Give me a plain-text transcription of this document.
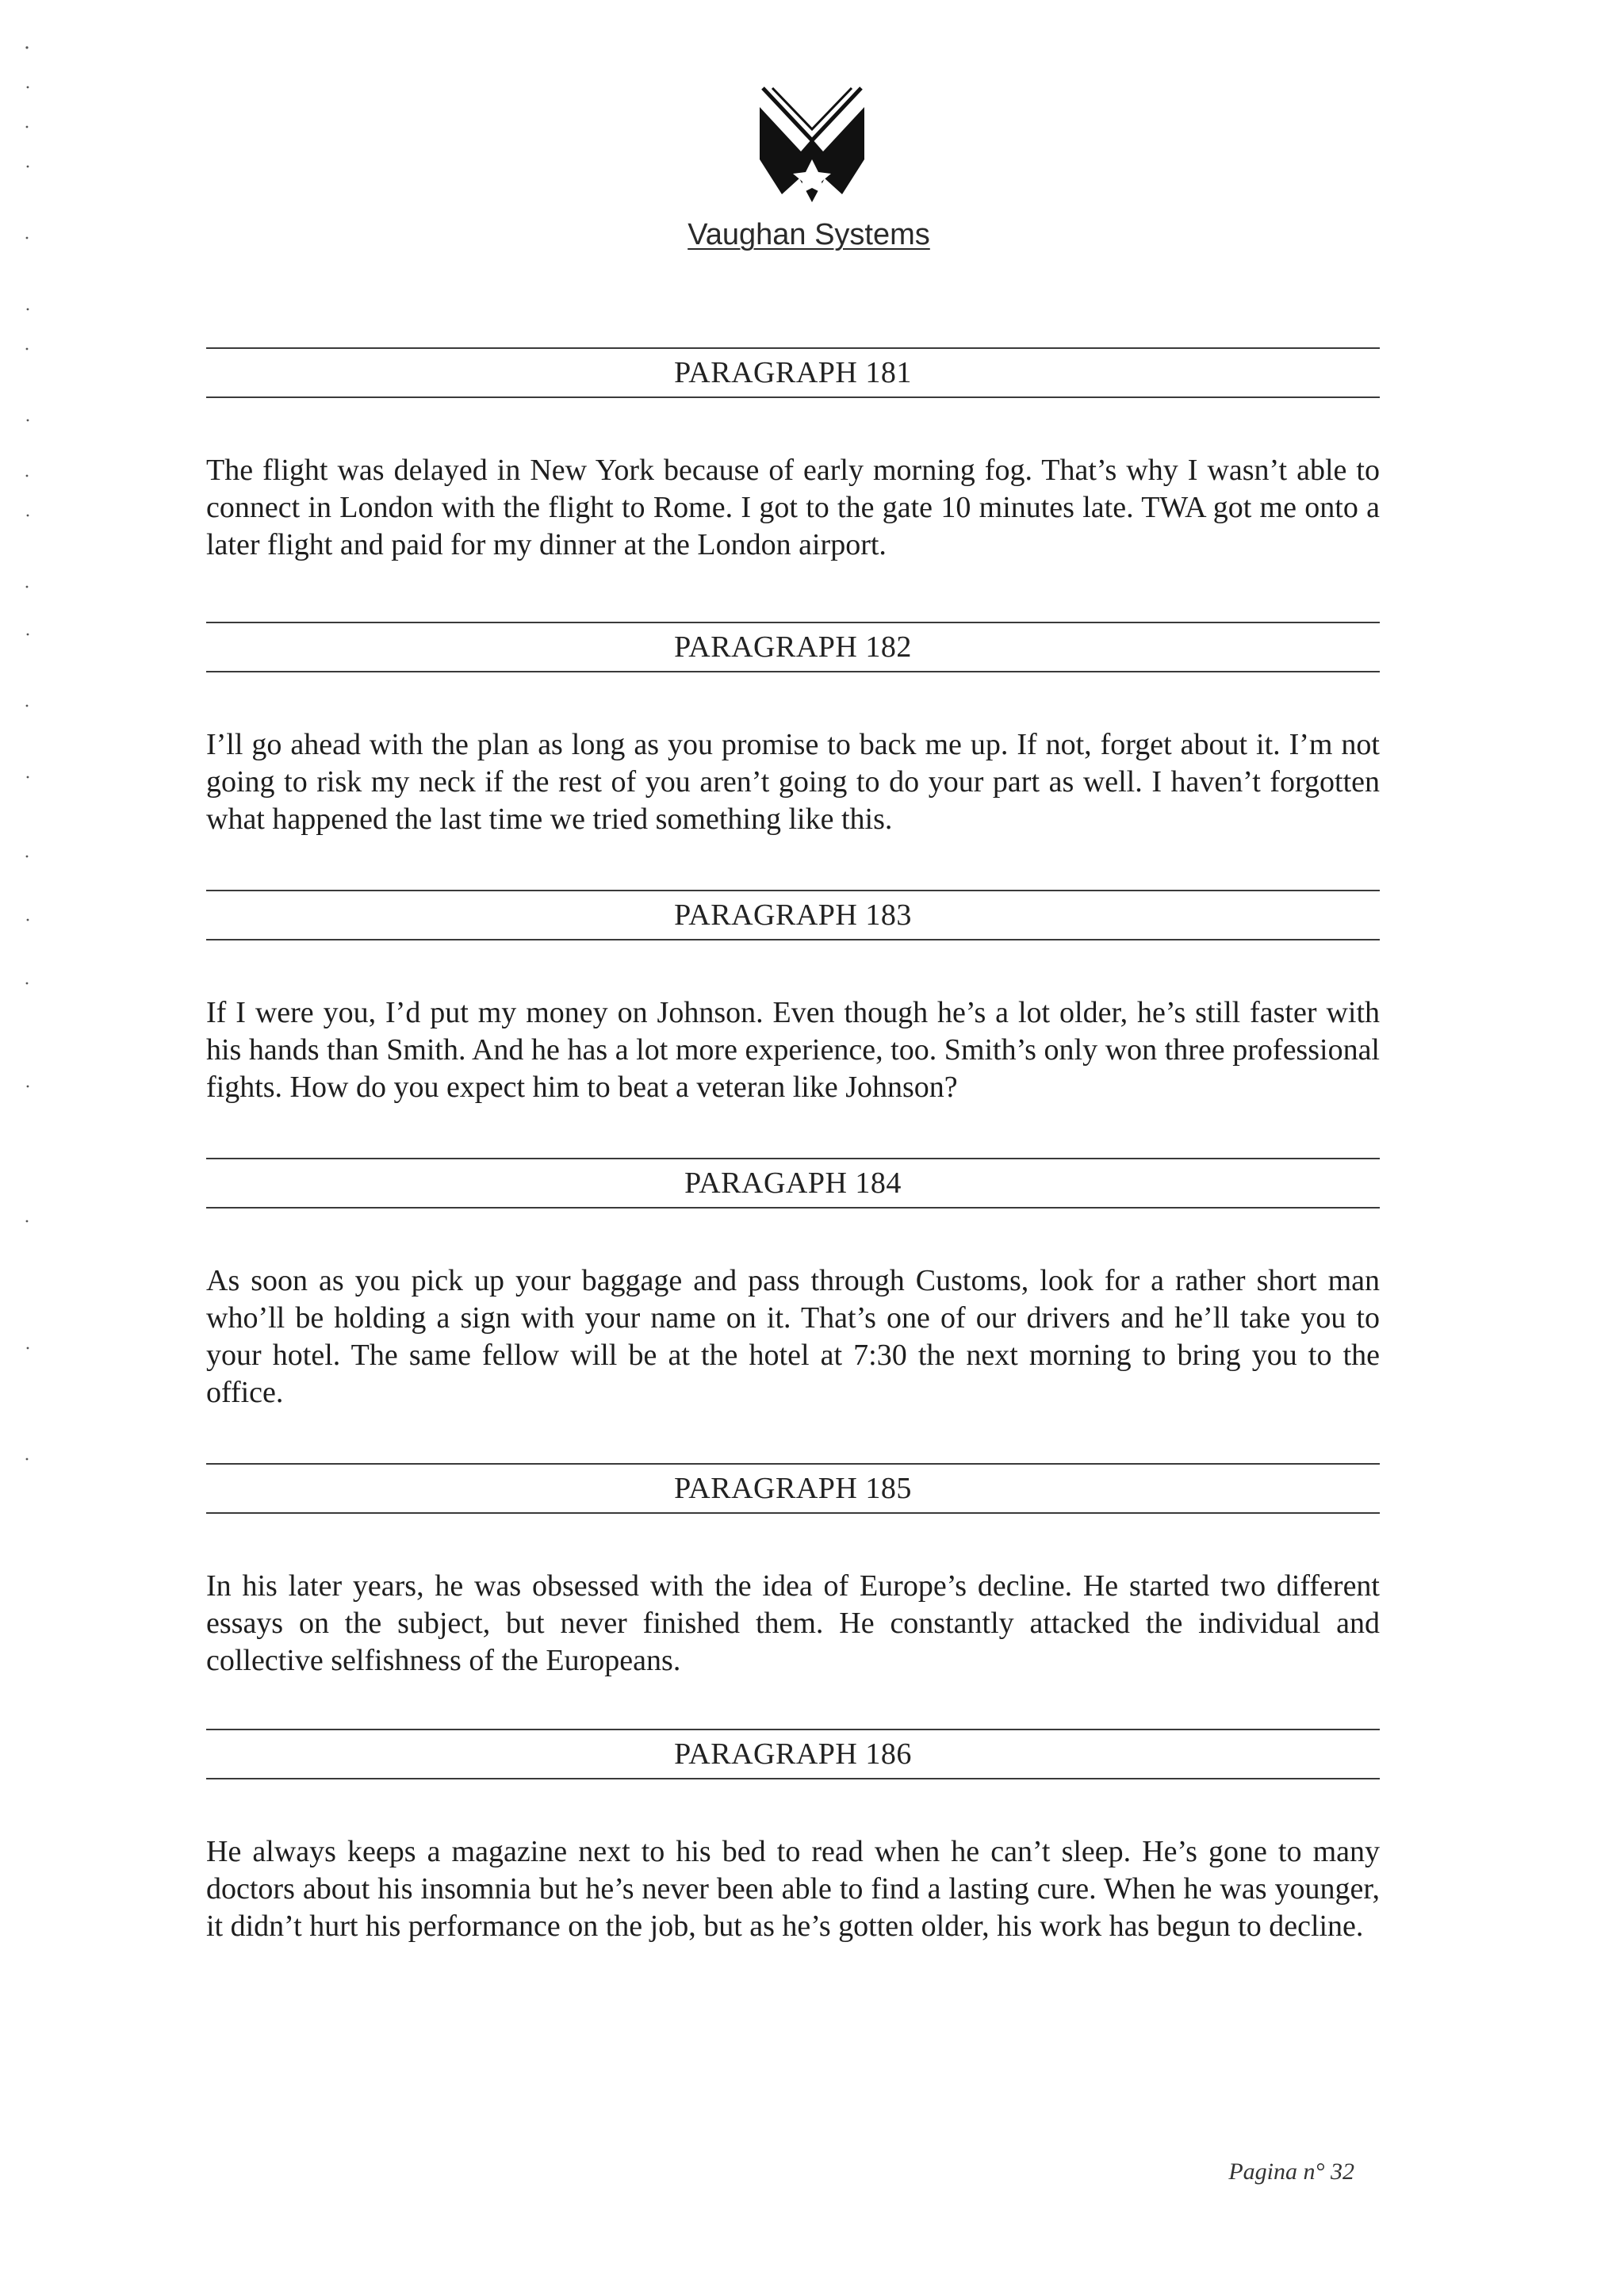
Vaughan Systems
PARAGRAPH 181

The flight was delayed in New York because of early morning fog. That’s why I wasn’t able to connect in London with the flight to Rome. I got to the gate 10 minutes late. TWA got me onto a later flight and paid for my dinner at the London airport.

PARAGRAPH 182

I’ll go ahead with the plan as long as you promise to back me up. If not, forget about it. I’m not going to risk my neck if the rest of you aren’t going to do your part as well. I haven’t forgotten what happened the last time we tried something like this.

PARAGRAPH 183

If I were you, I’d put my money on Johnson. Even though he’s a lot older, he’s still faster with his hands than Smith. And he has a lot more experience, too. Smith’s only won three professional fights. How do you expect him to beat a veteran like Johnson?

PARAGAPH 184

As soon as you pick up your baggage and pass through Customs, look for a rather short man who’ll be holding a sign with your name on it. That’s one of our drivers and he’ll take you to your hotel. The same fellow will be at the hotel at 7:30 the next morning to bring you to the office.

PARAGRAPH 185

In his later years, he was obsessed with the idea of Europe’s decline. He started two different essays on the subject, but never finished them. He constantly attacked the individual and collective selfishness of the Europeans.

PARAGRAPH 186

He always keeps a magazine next to his bed to read when he can’t sleep. He’s gone to many doctors about his insomnia but he’s never been able to find a lasting cure. When he was younger, it didn’t hurt his performance on the job, but as he’s gotten older, his work has begun to decline.

Pagina n° 32
